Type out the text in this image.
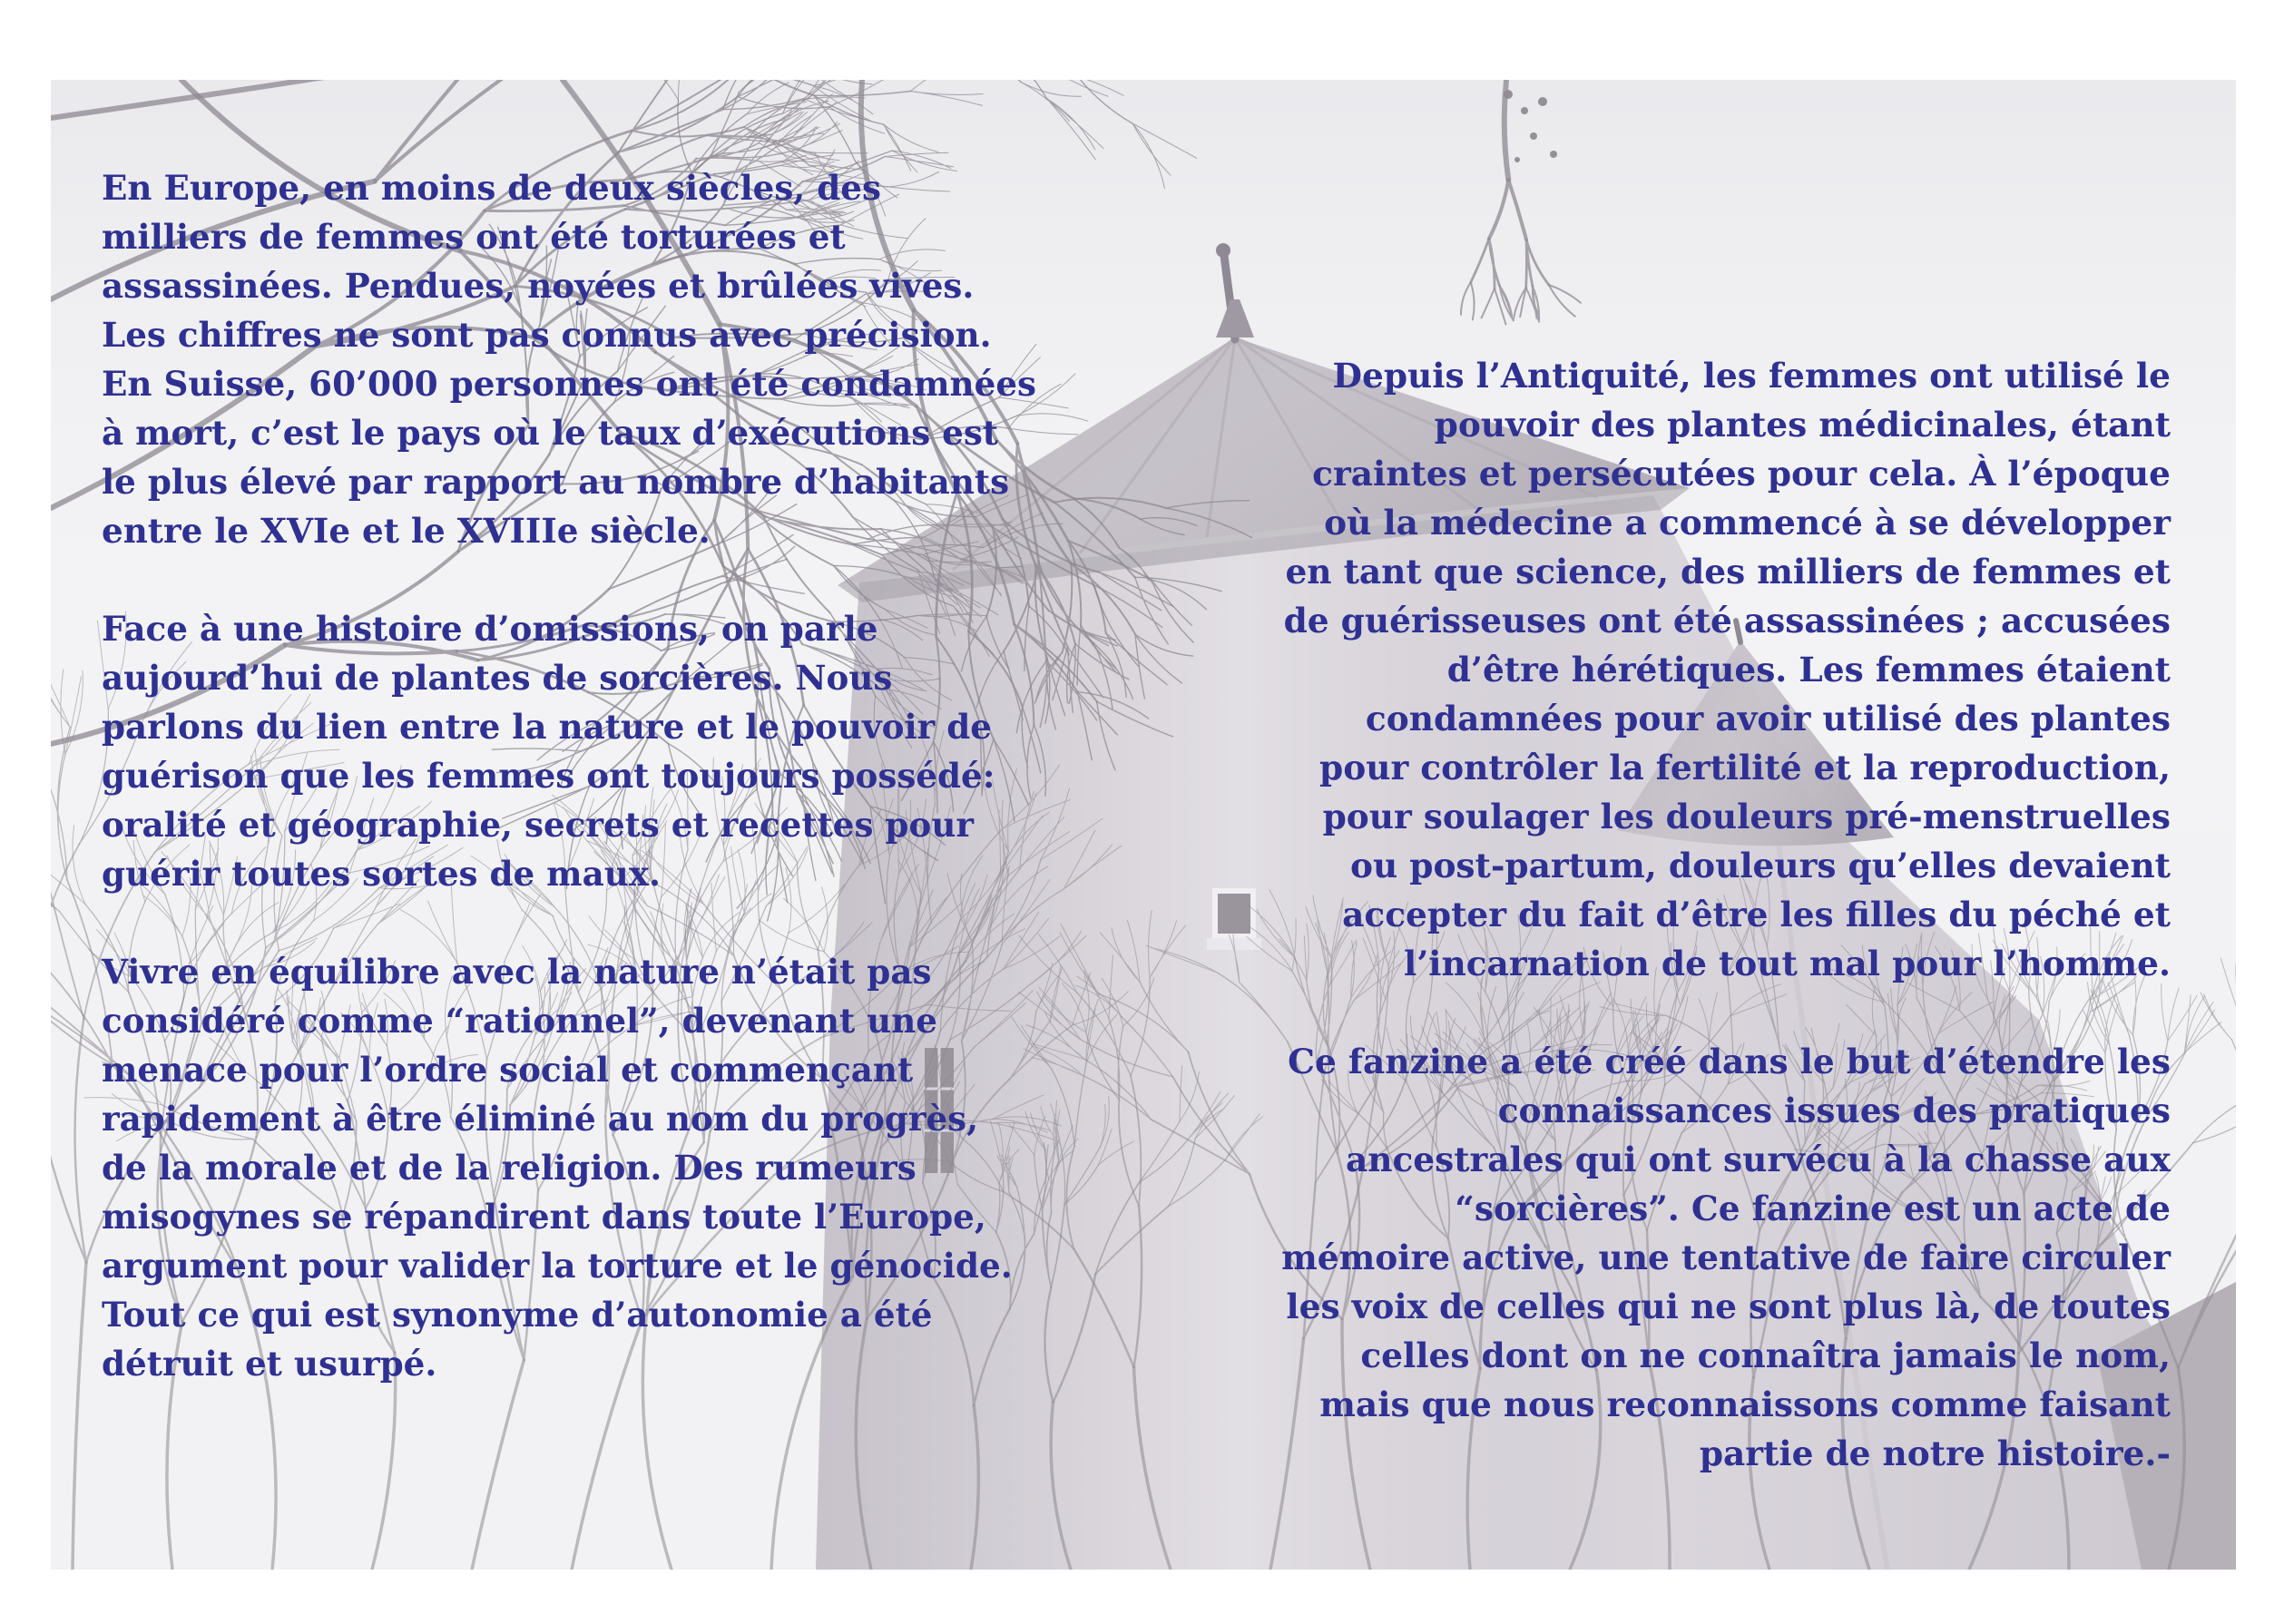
En Europe, en moins de deux siècles, des
milliers de femmes ont été torturées et
assassinées. Pendues, noyées et brûlées vives.
Les chiffres ne sont pas connus avec précision.
En Suisse, 60’000 personnes ont été condamnées
à mort, c’est le pays où le taux d’exécutions est
le plus élevé par rapport au nombre d’habitants
entre le XVIe et le XVIIIe siècle.

Face à une histoire d’omissions, on parle
aujourd’hui de plantes de sorcières. Nous
parlons du lien entre la nature et le pouvoir de
guérison que les femmes ont toujours possédé:
oralité et géographie, secrets et recettes pour
guérir toutes sortes de maux.

Vivre en équilibre avec la nature n’était pas
considéré comme “rationnel”, devenant une
menace pour l’ordre social et commençant
rapidement à être éliminé au nom du progrès,
de la morale et de la religion. Des rumeurs
misogynes se répandirent dans toute l’Europe,
argument pour valider la torture et le génocide.
Tout ce qui est synonyme d’autonomie a été
détruit et usurpé.

Depuis l’Antiquité, les femmes ont utilisé le
pouvoir des plantes médicinales, étant
craintes et persécutées pour cela. À l’époque
où la médecine a commencé à se développer
en tant que science, des milliers de femmes et
de guérisseuses ont été assassinées ; accusées
d’être hérétiques. Les femmes étaient
condamnées pour avoir utilisé des plantes
pour contrôler la fertilité et la reproduction,
pour soulager les douleurs pré-menstruelles
ou post-partum, douleurs qu’elles devaient
accepter du fait d’être les filles du péché et
l’incarnation de tout mal pour l’homme.

Ce fanzine a été créé dans le but d’étendre les
connaissances issues des pratiques
ancestrales qui ont survécu à la chasse aux
“sorcières”. Ce fanzine est un acte de
mémoire active, une tentative de faire circuler
les voix de celles qui ne sont plus là, de toutes
celles dont on ne connaîtra jamais le nom,
mais que nous reconnaissons comme faisant
partie de notre histoire.-
